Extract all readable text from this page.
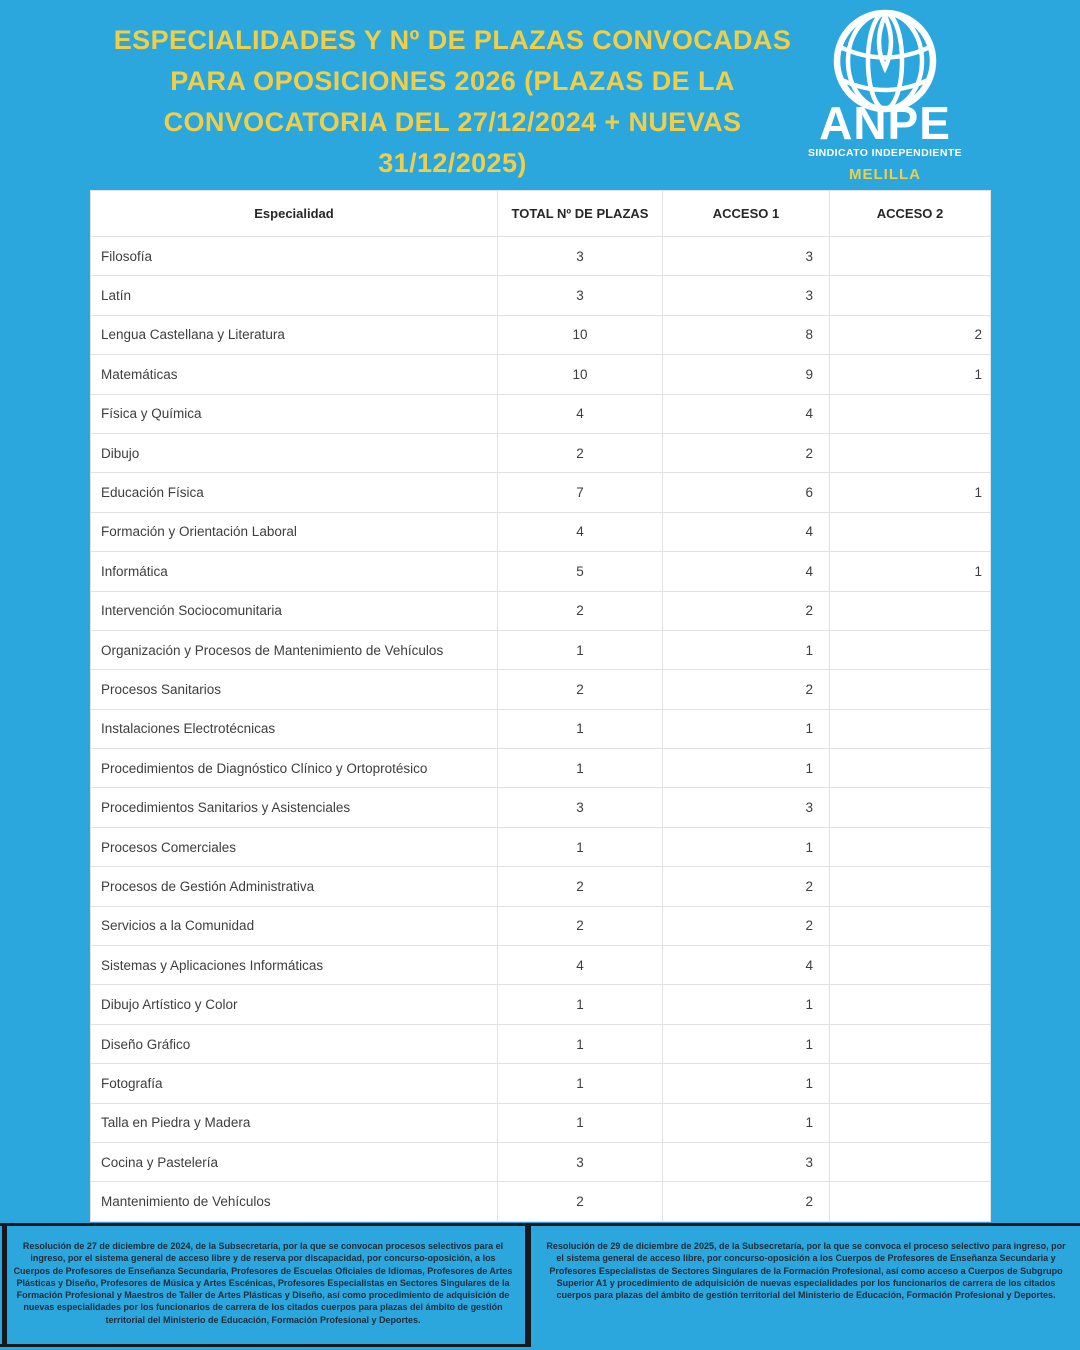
ESPECIALIDADES Y Nº DE PLAZAS CONVOCADAS
PARA OPOSICIONES 2026 (PLAZAS DE LA
CONVOCATORIA DEL 27/12/2024 + NUEVAS
31/12/2025)
ANPE
SINDICATO INDEPENDIENTE
MELILLA
Especialidad	TOTAL Nº DE PLAZAS	ACCESO 1	ACCESO 2
Filosofía	3	3	
Latín	3	3	
Lengua Castellana y Literatura	10	8	2
Matemáticas	10	9	1
Física y Química	4	4	
Dibujo	2	2	
Educación Física	7	6	1
Formación y Orientación Laboral	4	4	
Informática	5	4	1
Intervención Sociocomunitaria	2	2	
Organización y Procesos de Mantenimiento de Vehículos	1	1	
Procesos Sanitarios	2	2	
Instalaciones Electrotécnicas	1	1	
Procedimientos de Diagnóstico Clínico y Ortoprotésico	1	1	
Procedimientos Sanitarios y Asistenciales	3	3	
Procesos Comerciales	1	1	
Procesos de Gestión Administrativa	2	2	
Servicios a la Comunidad	2	2	
Sistemas y Aplicaciones Informáticas	4	4	
Dibujo Artístico y Color	1	1	
Diseño Gráfico	1	1	
Fotografía	1	1	
Talla en Piedra y Madera	1	1	
Cocina y Pastelería	3	3	
Mantenimiento de Vehículos	2	2	
Resolución de 27 de diciembre de 2024, de la Subsecretaría, por la que se convocan procesos selectivos para el ingreso, por el sistema general de acceso libre y de reserva por discapacidad, por concurso-oposición, a los Cuerpos de Profesores de Enseñanza Secundaria, Profesores de Escuelas Oficiales de Idiomas, Profesores de Artes Plásticas y Diseño, Profesores de Música y Artes Escénicas, Profesores Especialistas en Sectores Singulares de la Formación Profesional y Maestros de Taller de Artes Plásticas y Diseño, así como procedimiento de adquisición de nuevas especialidades por los funcionarios de carrera de los citados cuerpos para plazas del ámbito de gestión territorial del Ministerio de Educación, Formación Profesional y Deportes.
Resolución de 29 de diciembre de 2025, de la Subsecretaría, por la que se convoca el proceso selectivo para ingreso, por el sistema general de acceso libre, por concurso-oposición a los Cuerpos de Profesores de Enseñanza Secundaria y Profesores Especialistas de Sectores Singulares de la Formación Profesional, así como acceso a Cuerpos de Subgrupo Superior A1 y procedimiento de adquisición de nuevas especialidades por los funcionarios de carrera de los citados cuerpos para plazas del ámbito de gestión territorial del Ministerio de Educación, Formación Profesional y Deportes.
